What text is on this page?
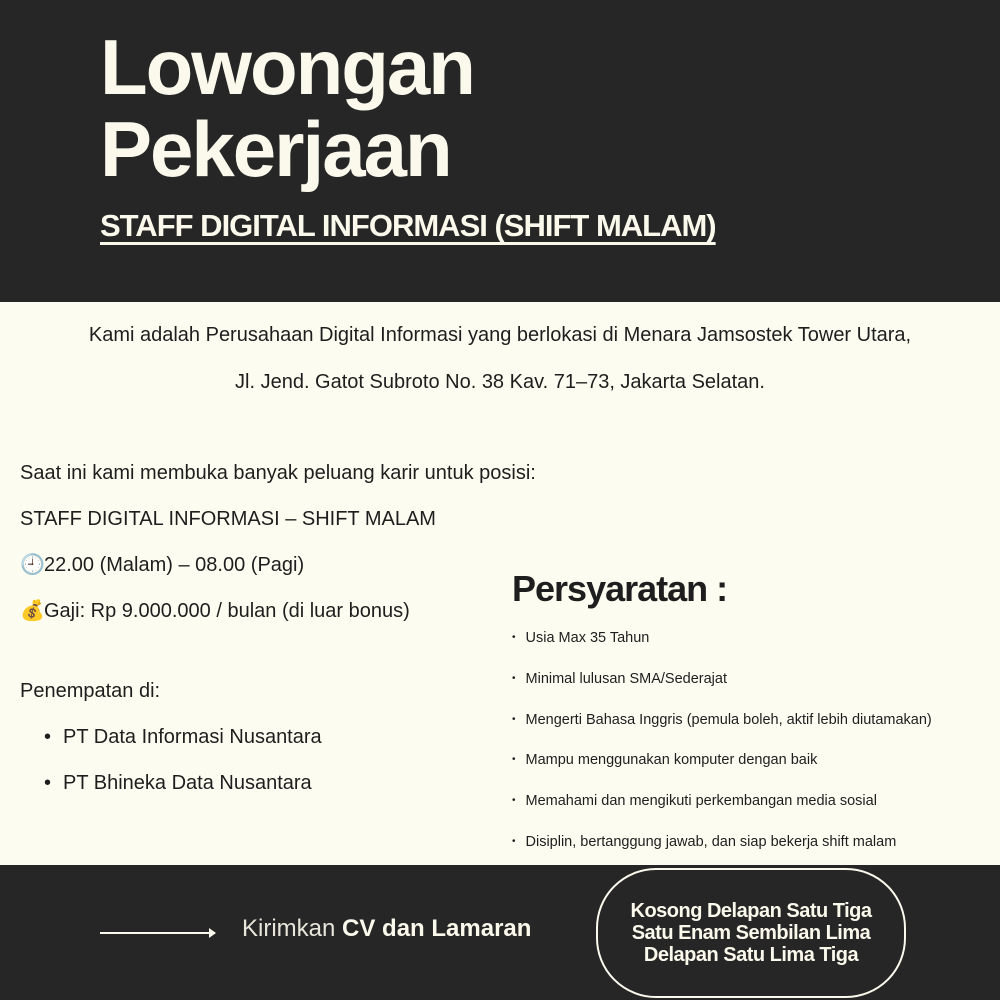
Lowongan
Pekerjaan
STAFF DIGITAL INFORMASI (SHIFT MALAM)
Kami adalah Perusahaan Digital Informasi yang berlokasi di Menara Jamsostek Tower Utara,
Jl. Jend. Gatot Subroto No. 38 Kav. 71–73, Jakarta Selatan.
Saat ini kami membuka banyak peluang karir untuk posisi:
STAFF DIGITAL INFORMASI – SHIFT MALAM
🕘22.00 (Malam) – 08.00 (Pagi)
💰Gaji: Rp 9.000.000 / bulan (di luar bonus)
Penempatan di:
• PT Data Informasi Nusantara
• PT Bhineka Data Nusantara
Persyaratan :
• Usia Max 35 Tahun
• Minimal lulusan SMA/Sederajat
• Mengerti Bahasa Inggris (pemula boleh, aktif lebih diutamakan)
• Mampu menggunakan komputer dengan baik
• Memahami dan mengikuti perkembangan media sosial
• Disiplin, bertanggung jawab, dan siap bekerja shift malam
Kirimkan CV dan Lamaran
Kosong Delapan Satu Tiga
Satu Enam Sembilan Lima
Delapan Satu Lima Tiga
